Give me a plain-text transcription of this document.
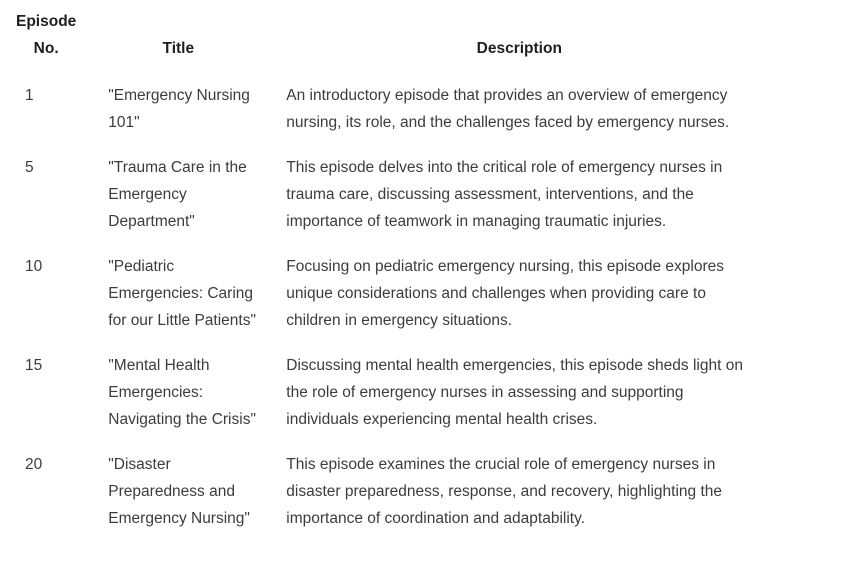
Episode
No.	Title	Description
1	"Emergency Nursing 101"	An introductory episode that provides an overview of emergency nursing, its role, and the challenges faced by emergency nurses.
5	"Trauma Care in the Emergency Department"	This episode delves into the critical role of emergency nurses in trauma care, discussing assessment, interventions, and the importance of teamwork in managing traumatic injuries.
10	"Pediatric Emergencies: Caring for our Little Patients"	Focusing on pediatric emergency nursing, this episode explores unique considerations and challenges when providing care to children in emergency situations.
15	"Mental Health Emergencies: Navigating the Crisis"	Discussing mental health emergencies, this episode sheds light on the role of emergency nurses in assessing and supporting individuals experiencing mental health crises.
20	"Disaster Preparedness and Emergency Nursing"	This episode examines the crucial role of emergency nurses in disaster preparedness, response, and recovery, highlighting the importance of coordination and adaptability.
